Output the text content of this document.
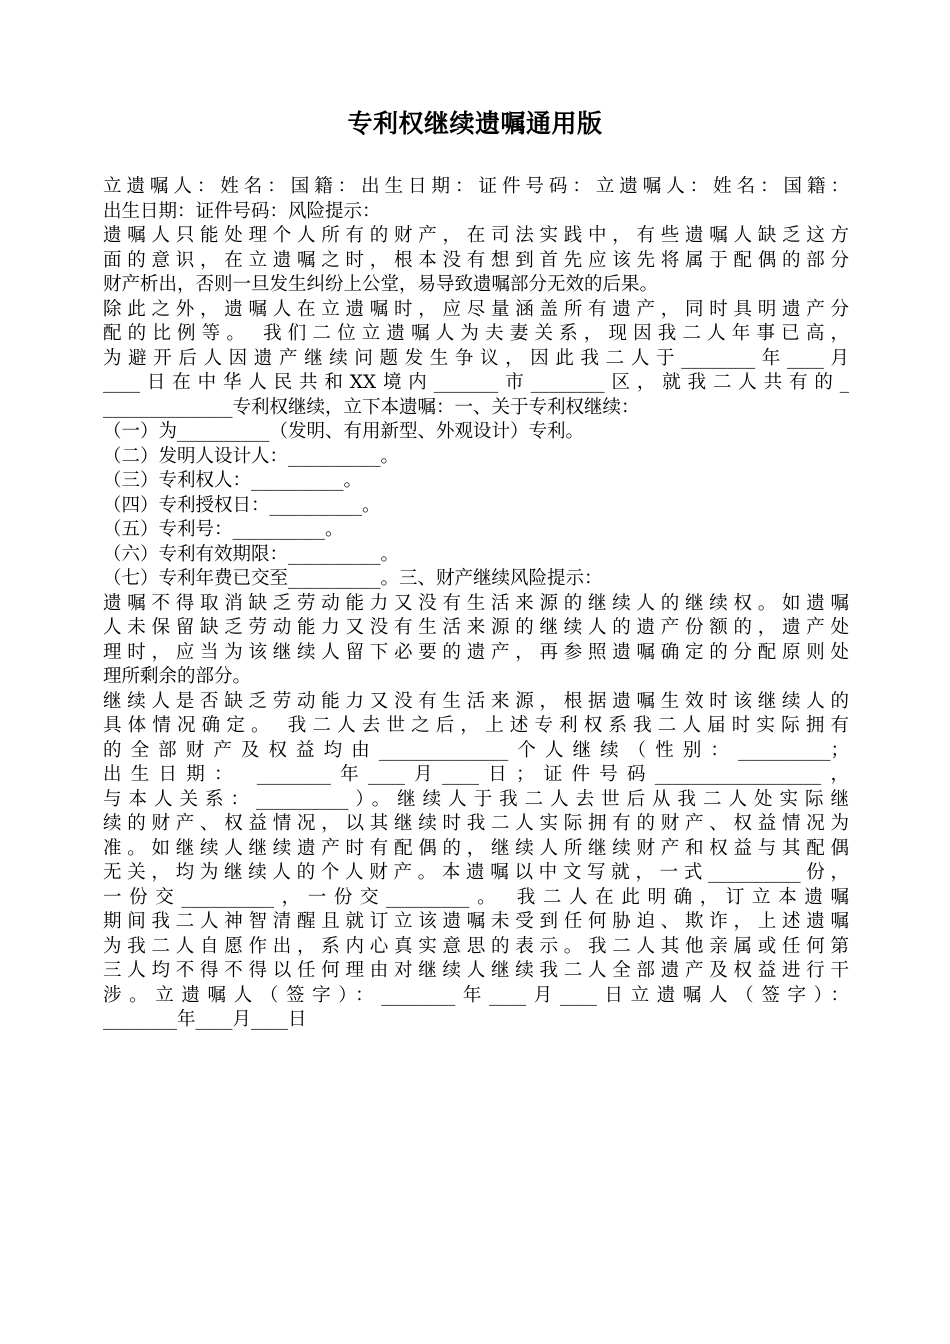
专利权继续遗嘱通用版
立遗嘱人：姓名：国籍：出生日期：证件号码：立遗嘱人：姓名：国籍：
出生日期：证件号码：风险提示：
遗嘱人只能处理个人所有的财产，在司法实践中，有些遗嘱人缺乏这方
面的意识，在立遗嘱之时，根本没有想到首先应该先将属于配偶的部分
财产析出，否则一旦发生纠纷上公堂，易导致遗嘱部分无效的后果。
除此之外，遗嘱人在立遗嘱时，应尽量涵盖所有遗产，同时具明遗产分
配的比例等。 我们二位立遗嘱人为夫妻关系，现因我二人年事已高，
为避开后人因遗产继续问题发生争议，因此我二人于________年____月
____日在中华人民共和XX境内_______市________区，就我二人共有的_
______________专利权继续，立下本遗嘱：一、关于专利权继续：
（一）为__________（发明、有用新型、外观设计）专利。
（二）发明人设计人：__________。
（三）专利权人：__________。
（四）专利授权日：__________。
（五）专利号：__________。
（六）专利有效期限：__________。
（七）专利年费已交至__________。三、财产继续风险提示：
遗嘱不得取消缺乏劳动能力又没有生活来源的继续人的继续权。如遗嘱
人未保留缺乏劳动能力又没有生活来源的继续人的遗产份额的，遗产处
理时，应当为该继续人留下必要的遗产，再参照遗嘱确定的分配原则处
理所剩余的部分。
继续人是否缺乏劳动能力又没有生活来源，根据遗嘱生效时该继续人的
具体情况确定。 我二人去世之后，上述专利权系我二人届时实际拥有
的全部财产及权益均由______________个人继续（性别：__________；
出生日期： ________年____月____日；证件号码__________________，
与本人关系：__________）。继续人于我二人去世后从我二人处实际继
续的财产、权益情况，以其继续时我二人实际拥有的财产、权益情况为
准。如继续人继续遗产时有配偶的，继续人所继续财产和权益与其配偶
无关，均为继续人的个人财产。本遗嘱以中文写就，一式__________份，
一份交__________，一份交_________。 我二人在此明确，订立本遗嘱
期间我二人神智清醒且就订立该遗嘱未受到任何胁迫、欺诈，上述遗嘱
为我二人自愿作出，系内心真实意思的表示。我二人其他亲属或任何第
三人均不得不得以任何理由对继续人继续我二人全部遗产及权益进行干
涉。立遗嘱人（签字）：________年____月____日立遗嘱人（签字）：
________年____月____日
